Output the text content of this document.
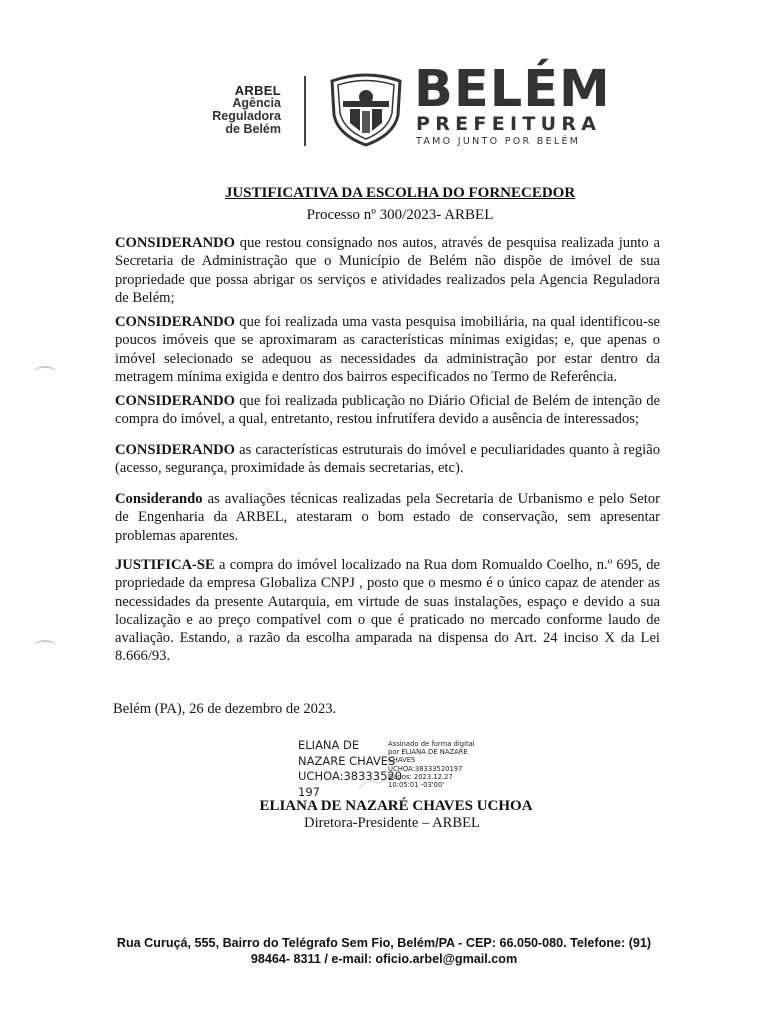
ARBEL
Agência
Reguladora
de Belém
BELÉM
PREFEITURA
TAMO JUNTO POR BELÉM
JUSTIFICATIVA DA ESCOLHA DO FORNECEDOR
Processo nº 300/2023- ARBEL

CONSIDERANDO que restou consignado nos autos, através de pesquisa realizada junto a Secretaria de Administração que o Município de Belém não dispõe de imóvel de sua propriedade que possa abrigar os serviços e atividades realizados pela Agencia Reguladora de Belém;

CONSIDERANDO que foi realizada uma vasta pesquisa imobiliária, na qual identificou-se poucos imóveis que se aproximaram as características mínimas exigidas; e, que apenas o imóvel selecionado se adequou as necessidades da administração por estar dentro da metragem mínima exigida e dentro dos bairros especificados no Termo de Referência.

CONSIDERANDO que foi realizada publicação no Diário Oficial de Belém de intenção de compra do imóvel, a qual, entretanto, restou infrutífera devido a ausência de interessados;

CONSIDERANDO as características estruturais do imóvel e peculiaridades quanto à região (acesso, segurança, proximidade às demais secretarias, etc).

Considerando as avaliações técnicas realizadas pela Secretaria de Urbanismo e pelo Setor de Engenharia da ARBEL, atestaram o bom estado de conservação, sem apresentar problemas aparentes.

JUSTIFICA-SE a compra do imóvel localizado na Rua dom Romualdo Coelho, n.º 695, de propriedade da empresa Globaliza CNPJ , posto que o mesmo é o único capaz de atender as necessidades da presente Autarquia, em virtude de suas instalações, espaço e devido a sua localização e ao preço compatível com o que é praticado no mercado conforme laudo de avaliação. Estando, a razão da escolha amparada na dispensa do Art. 24 inciso X da Lei 8.666/93.

Belém (PA), 26 de dezembro de 2023.
ELIANA DE
NAZARE CHAVES
UCHOA:38333520
197
Assinado de forma digital
por ELIANA DE NAZARE
CHAVES
UCHOA:38333520197
Dados: 2023.12.27
10:05:01 -03'00'
ELIANA DE NAZARÉ CHAVES UCHOA
Diretora-Presidente – ARBEL
Rua Curuçá, 555, Bairro do Telégrafo Sem Fio, Belém/PA - CEP: 66.050-080. Telefone: (91)
98464- 8311 / e-mail: oficio.arbel@gmail.com
